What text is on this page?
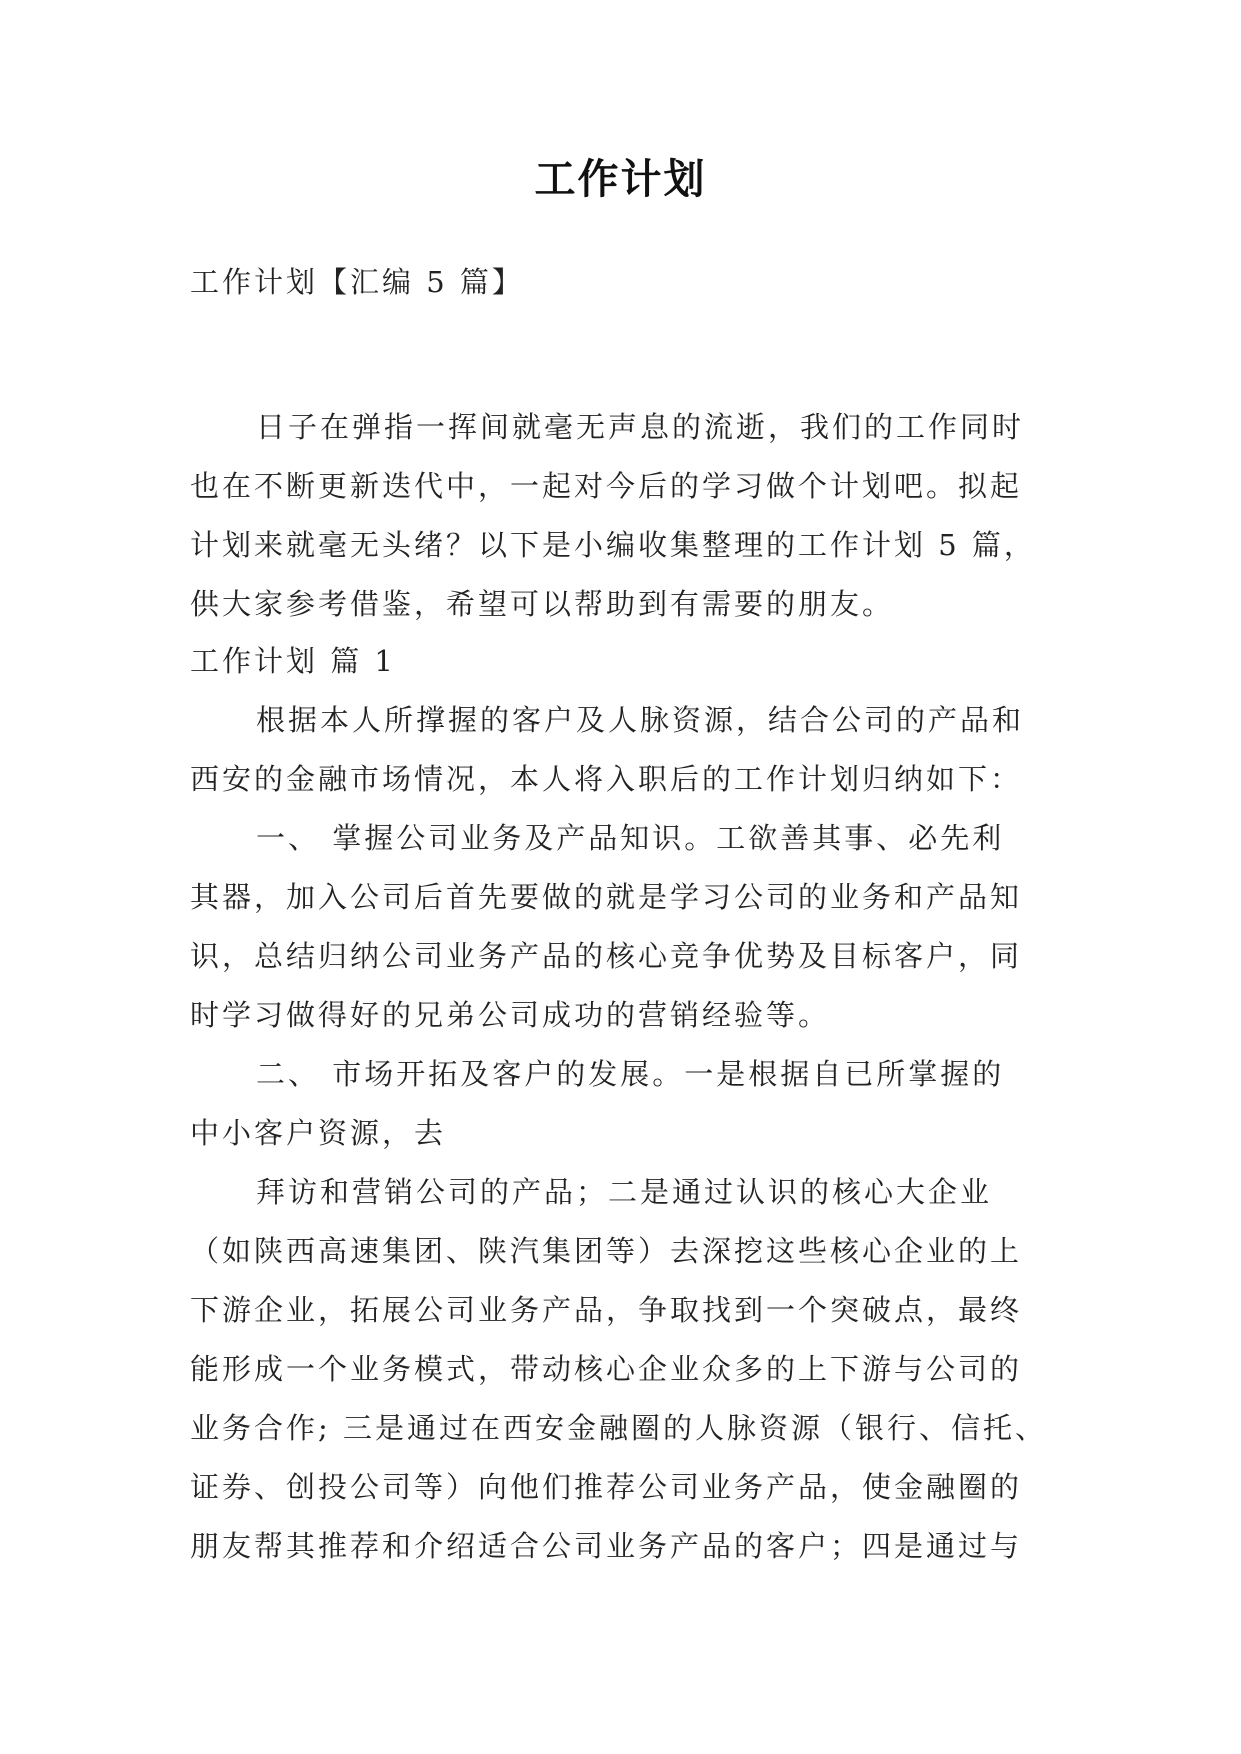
工作计划
工作计划【汇编 5 篇】
日子在弹指一挥间就毫无声息的流逝，我们的工作同时
也在不断更新迭代中，一起对今后的学习做个计划吧。拟起
计划来就毫无头绪？以下是小编收集整理的工作计划 5 篇，
供大家参考借鉴，希望可以帮助到有需要的朋友。
工作计划 篇 1
根据本人所撑握的客户及人脉资源，结合公司的产品和
西安的金融市场情况，本人将入职后的工作计划归纳如下：
一、 掌握公司业务及产品知识。工欲善其事、必先利
其器，加入公司后首先要做的就是学习公司的业务和产品知
识，总结归纳公司业务产品的核心竞争优势及目标客户，同
时学习做得好的兄弟公司成功的营销经验等。
二、 市场开拓及客户的发展。一是根据自已所掌握的
中小客户资源，去
拜访和营销公司的产品；二是通过认识的核心大企业
（如陕西高速集团、陕汽集团等）去深挖这些核心企业的上
下游企业，拓展公司业务产品，争取找到一个突破点，最终
能形成一个业务模式，带动核心企业众多的上下游与公司的
业务合作; 三是通过在西安金融圈的人脉资源（银行、信托、
证券、创投公司等）向他们推荐公司业务产品，使金融圈的
朋友帮其推荐和介绍适合公司业务产品的客户；四是通过与
